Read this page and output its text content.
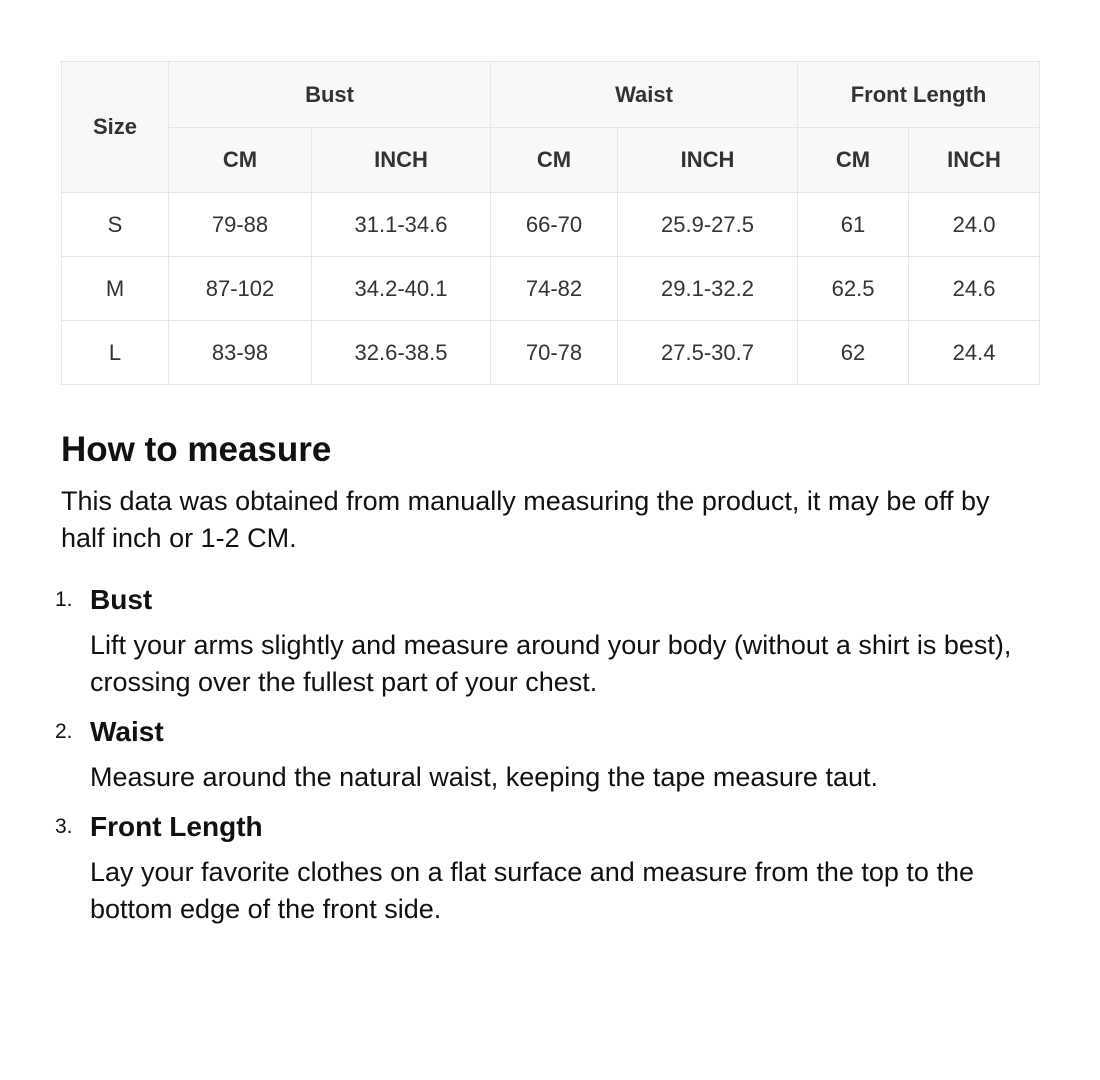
Size	Bust		Waist		Front Length	
	CM	INCH	CM	INCH	CM	INCH
S	79-88	31.1-34.6	66-70	25.9-27.5	61	24.0
M	87-102	34.2-40.1	74-82	29.1-32.2	62.5	24.6
L	83-98	32.6-38.5	70-78	27.5-30.7	62	24.4
How to measure

This data was obtained from manually measuring the product, it may be off by half inch or 1-2 CM.

1. Bust
Lift your arms slightly and measure around your body (without a shirt is best), crossing over the fullest part of your chest.
2. Waist
Measure around the natural waist, keeping the tape measure taut.
3. Front Length
Lay your favorite clothes on a flat surface and measure from the top to the bottom edge of the front side.
